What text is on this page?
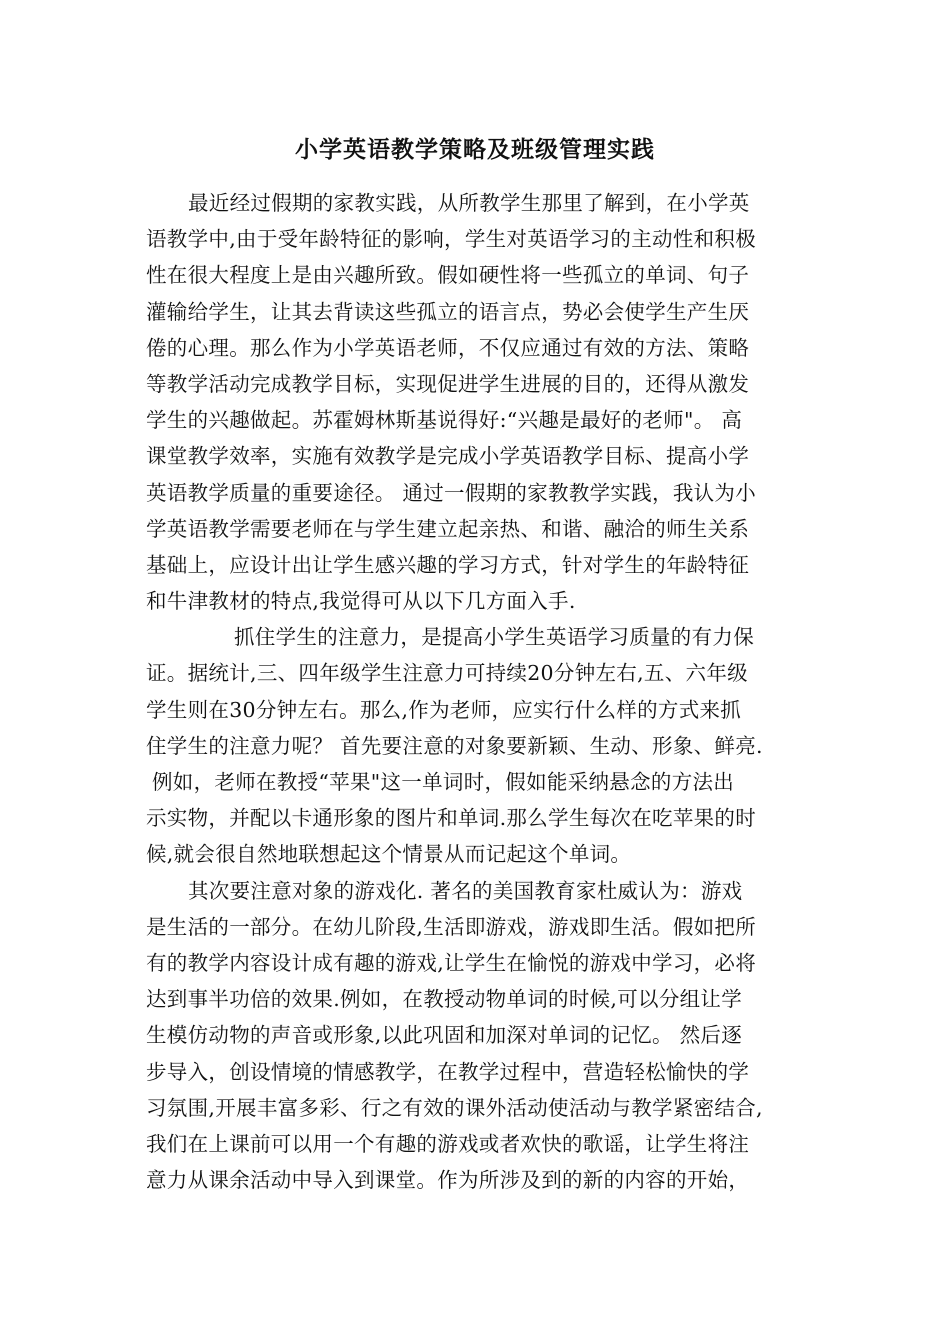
小学英语教学策略及班级管理实践
最近经过假期的家教实践，从所教学生那里了解到，在小学英
语教学中,由于受年龄特征的影响，学生对英语学习的主动性和积极
性在很大程度上是由兴趣所致。假如硬性将一些孤立的单词、句子
灌输给学生，让其去背读这些孤立的语言点，势必会使学生产生厌
倦的心理。那么作为小学英语老师，不仅应通过有效的方法、策略
等教学活动完成教学目标，实现促进学生进展的目的，还得从激发
学生的兴趣做起。苏霍姆林斯基说得好:“兴趣是最好的老师"。 高
课堂教学效率，实施有效教学是完成小学英语教学目标、提高小学
英语教学质量的重要途径。 通过一假期的家教教学实践，我认为小
学英语教学需要老师在与学生建立起亲热、和谐、融洽的师生关系
基础上，应设计出让学生感兴趣的学习方式，针对学生的年龄特征
和牛津教材的特点,我觉得可从以下几方面入手.
抓住学生的注意力，是提高小学生英语学习质量的有力保
证。据统计,三、四年级学生注意力可持续20分钟左右,五、六年级
学生则在30分钟左右。那么,作为老师，应实行什么样的方式来抓
住学生的注意力呢？ 首先要注意的对象要新颖、生动、形象、鲜亮.
例如，老师在教授“苹果"这一单词时，假如能采纳悬念的方法出
示实物，并配以卡通形象的图片和单词.那么学生每次在吃苹果的时
候,就会很自然地联想起这个情景从而记起这个单词。
其次要注意对象的游戏化. 著名的美国教育家杜威认为：游戏
是生活的一部分。在幼儿阶段,生活即游戏，游戏即生活。假如把所
有的教学内容设计成有趣的游戏,让学生在愉悦的游戏中学习，必将
达到事半功倍的效果.例如，在教授动物单词的时候,可以分组让学
生模仿动物的声音或形象,以此巩固和加深对单词的记忆。 然后逐
步导入，创设情境的情感教学，在教学过程中，营造轻松愉快的学
习氛围,开展丰富多彩、行之有效的课外活动使活动与教学紧密结合,
我们在上课前可以用一个有趣的游戏或者欢快的歌谣，让学生将注
意力从课余活动中导入到课堂。作为所涉及到的新的内容的开始，
